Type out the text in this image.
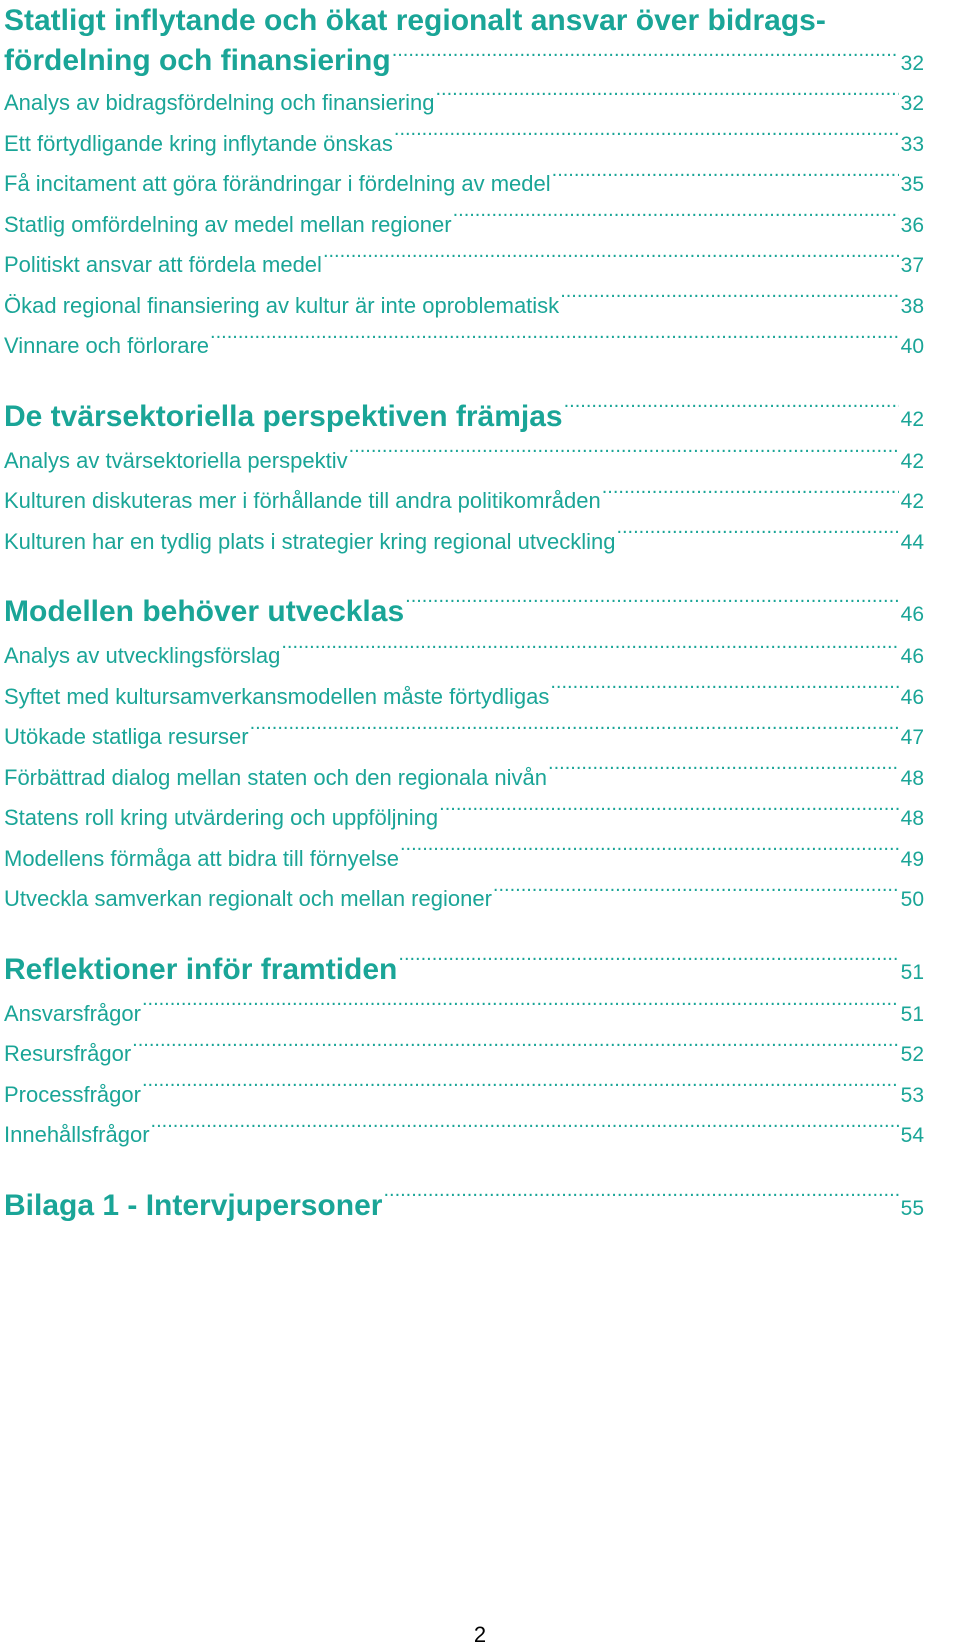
Statligt inflytande och ökat regionalt ansvar över bidrags-
fördelning och finansiering .....	32
Analys av bidragsfördelning och finansiering .....	32
Ett förtydligande kring inflytande önskas .....	33
Få incitament att göra förändringar i fördelning av medel .....	35
Statlig omfördelning av medel mellan regioner .....	36
Politiskt ansvar att fördela medel .....	37
Ökad regional finansiering av kultur är inte oproblematisk .....	38
Vinnare och förlorare .....	40
De tvärsektoriella perspektiven främjas .....	42
Analys av tvärsektoriella perspektiv .....	42
Kulturen diskuteras mer i förhållande till andra politikområden .....	42
Kulturen har en tydlig plats i strategier kring regional utveckling .....	44
Modellen behöver utvecklas .....	46
Analys av utvecklingsförslag .....	46
Syftet med kultursamverkansmodellen måste förtydligas .....	46
Utökade statliga resurser .....	47
Förbättrad dialog mellan staten och den regionala nivån .....	48
Statens roll kring utvärdering och uppföljning .....	48
Modellens förmåga att bidra till förnyelse .....	49
Utveckla samverkan regionalt och mellan regioner .....	50
Reflektioner inför framtiden .....	51
Ansvarsfrågor .....	51
Resursfrågor .....	52
Processfrågor .....	53
Innehållsfrågor .....	54
Bilaga 1 - Intervjupersoner .....	55
2
